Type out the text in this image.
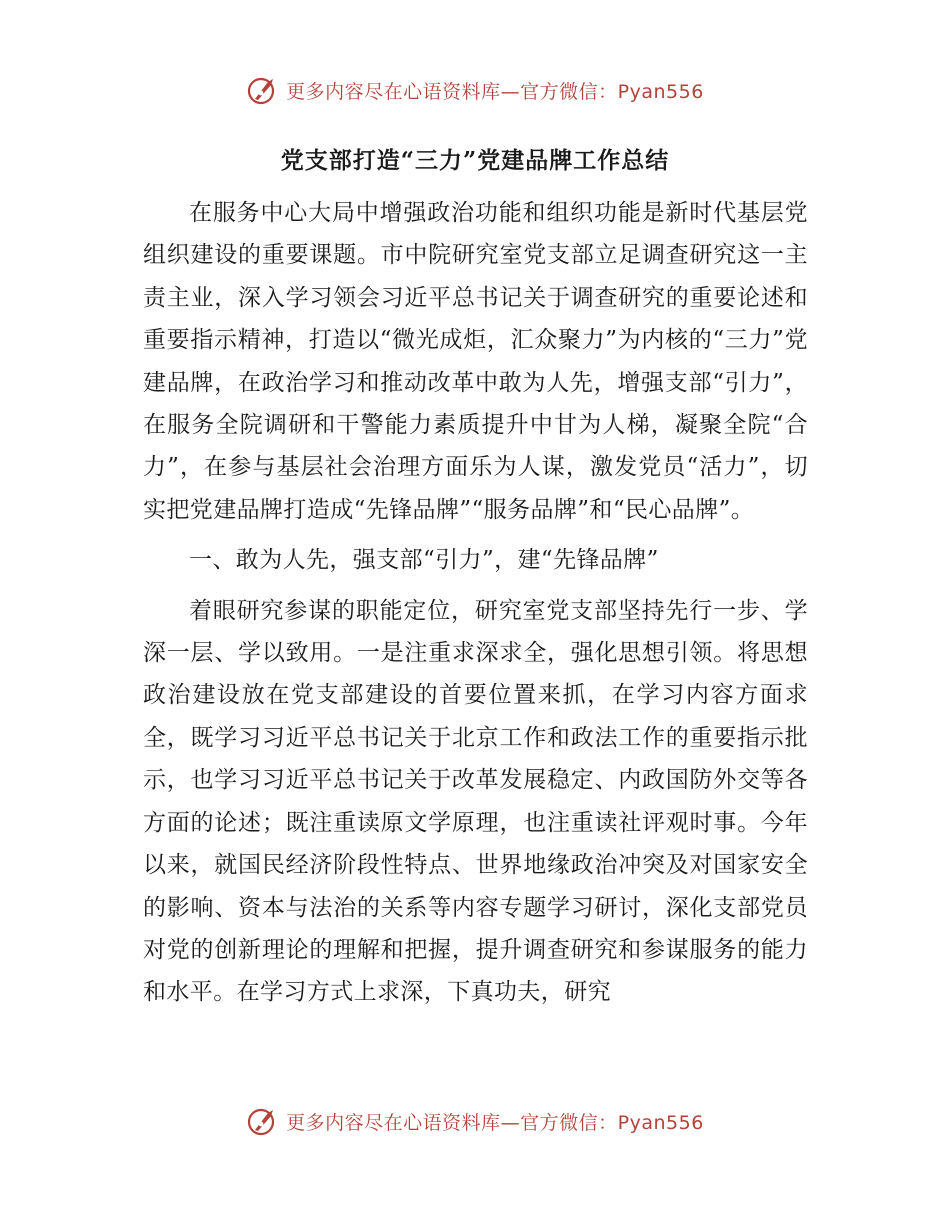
更多内容尽在心语资料库—官方微信：Pyan556
党支部打造“三力”党建品牌工作总结

在服务中心大局中增强政治功能和组织功能是新时代基层党组织建设的重要课题。市中院研究室党支部立足调查研究这一主责主业，深入学习领会习近平总书记关于调查研究的重要论述和重要指示精神，打造以“微光成炬，汇众聚力”为内核的“三力”党建品牌，在政治学习和推动改革中敢为人先，增强支部“引力”，在服务全院调研和干警能力素质提升中甘为人梯，凝聚全院“合力”，在参与基层社会治理方面乐为人谋，激发党员“活力”，切实把党建品牌打造成“先锋品牌”“服务品牌”和“民心品牌”。

一、敢为人先，强支部“引力”，建“先锋品牌”

着眼研究参谋的职能定位，研究室党支部坚持先行一步、学深一层、学以致用。一是注重求深求全，强化思想引领。将思想政治建设放在党支部建设的首要位置来抓，在学习内容方面求全，既学习习近平总书记关于北京工作和政法工作的重要指示批示，也学习习近平总书记关于改革发展稳定、内政国防外交等各方面的论述；既注重读原文学原理，也注重读社评观时事。今年以来，就国民经济阶段性特点、世界地缘政治冲突及对国家安全的影响、资本与法治的关系等内容专题学习研讨，深化支部党员对党的创新理论的理解和把握，提升调查研究和参谋服务的能力和水平。在学习方式上求深，下真功夫，研究

更多内容尽在心语资料库—官方微信：Pyan556
